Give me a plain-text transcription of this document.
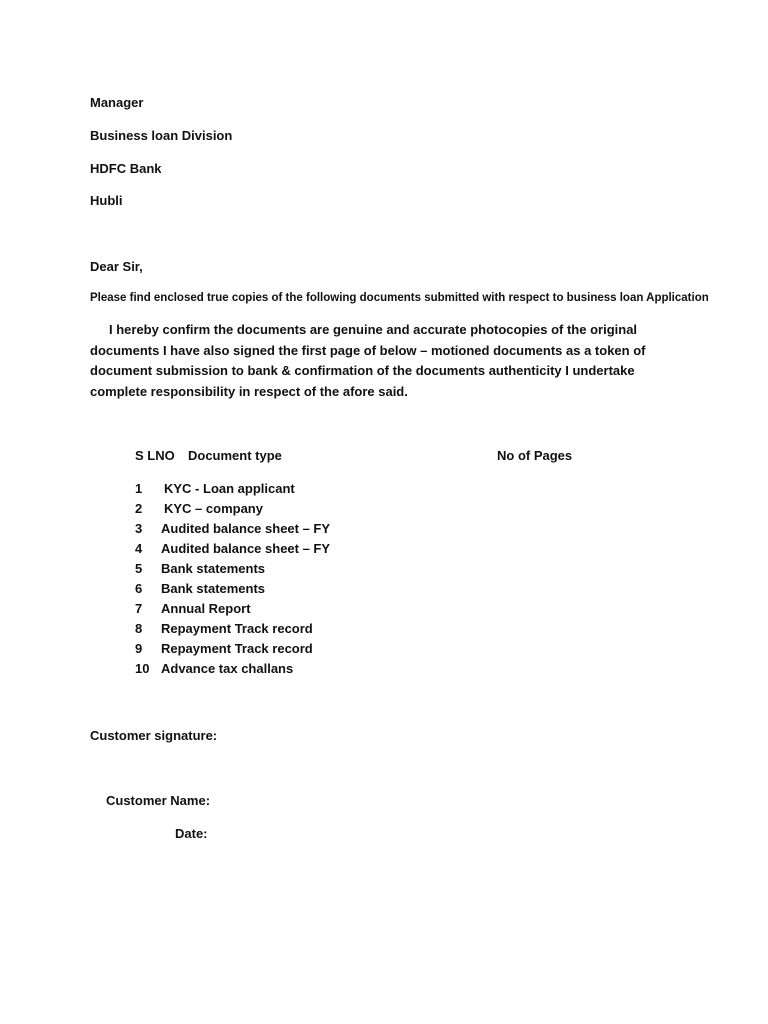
Manager
Business loan Division
HDFC Bank
Hubli
Dear Sir,
Please find enclosed true copies of the following documents submitted with respect to business loan Application
I hereby confirm the documents are genuine and accurate photocopies of the original documents I have also signed the first page of below – motioned documents as a token of document submission to bank & confirmation of the documents authenticity I undertake complete responsibility in respect of the afore said.
S LNO Document type	No of Pages
1	KYC - Loan applicant
2	KYC – company
3	Audited balance sheet – FY
4	Audited balance sheet – FY
5	Bank statements
6	Bank statements
7	Annual Report
8	Repayment Track record
9	Repayment Track record
10 Advance tax challans
Customer signature:
Customer Name:
Date:
